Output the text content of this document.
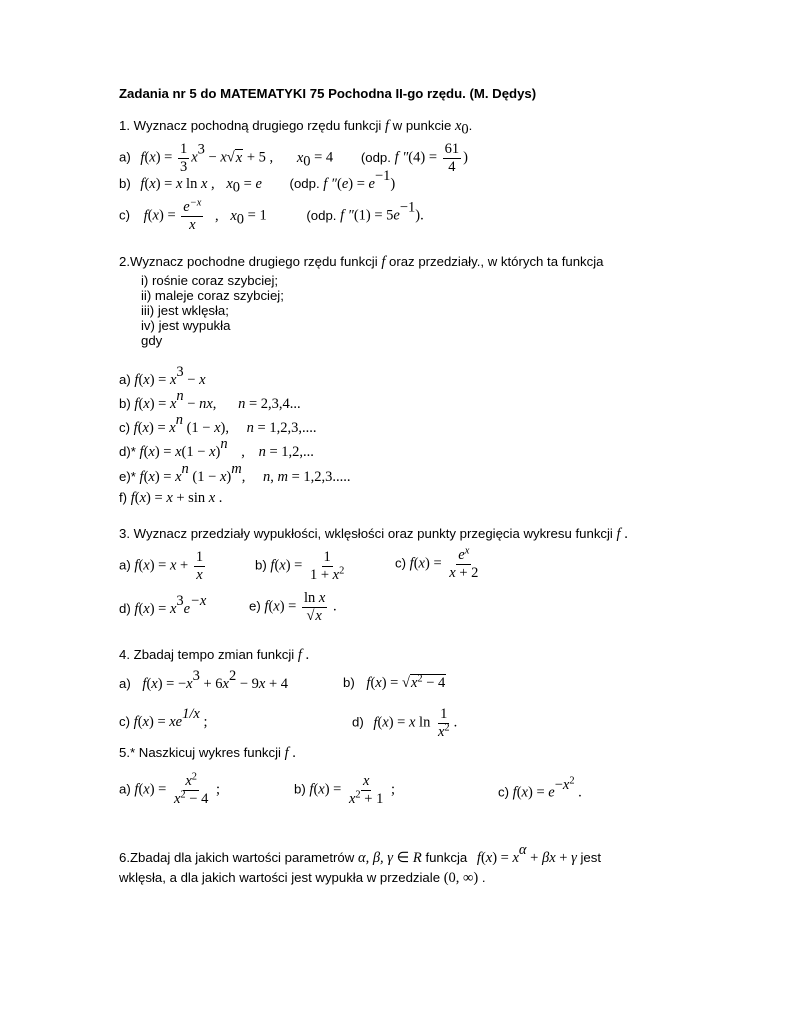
Zadania nr 5 do MATEMATYKI 75 Pochodna II-go rzędu. (M. Dędys)
1. Wyznacz pochodną drugiego rzędu funkcji f w punkcie $x_0$.
a) $f(x) = \frac{1}{3} x^3 - x√x + 5$ , $x_0 = 4$ (odp. f $''(4) = \frac{61}{4}$ )
b) f(x) = x ln x , $x_0 = e$ (odp. f $''(e) = e^{-1}$)
c) $f(x) = \frac{e^{-x}}{x}$ , $x_0 = 1$	(odp. f $''(1) = 5e^{-1}$).
2.Wyznacz pochodne drugiego rzędu funkcji f oraz przedziały., w których ta funkcja
i) rośnie coraz szybciej;
ii) maleje coraz szybciej;
iii) jest wklęsła;
iv) jest wypukła
gdy
a) $f(x) = x^3 - x$
b) $f(x) = x^n$ − nx, n = 2,3,4...
c) $f(x) = x^n$ (1 − x), n = 1,2,3,....
d)* $f(x) = x(1 - x)^n$ , n = 1,2,...
e)* $f(x) = x^n$ $(1 - x)^m$, n, m = 1,2,3.....
f) f(x) = x + sin x .
3. Wyznacz przedziały wypukłości, wklęsłości oraz punkty przegięcia wykresu funkcji f .
a) $f(x) = x + \frac{1}{x}$	b) $f(x) = \frac{1}{1 + x^2}$	c) $f(x) = \frac{e^x}{x + 2}$
d) $f(x) = x^3e^{-x}$	e) $f(x) = \frac{\text{ln x}}{√x}$ .
4. Zbadaj tempo zmian funkcji f .
a) $f(x) = -x^3 + 6x^2 - 9x + 4$	b) $f(x) = √x^2 - 4$
c) $f(x) = xe^{1/x}$ ;	d) f(x) = x $\ln \frac{1}{x^2}$ .
5.* Naszkicuj wykres funkcji f .
a) $f(x) = \frac{x^2}{x^2 - 4}$ ;	b) $f(x) = \frac{x}{x^2 + 1}$ ;	c) $f(x) = e^{-x^2}$ .
6.Zbadaj dla jakich wartości parametrów α, β, γ ∈ R funkcja $f(x) = x^\alpha + \beta x + \gamma$ jest
wklęsła, a dla jakich wartości jest wypukła w przedziale (0, ∞) .
